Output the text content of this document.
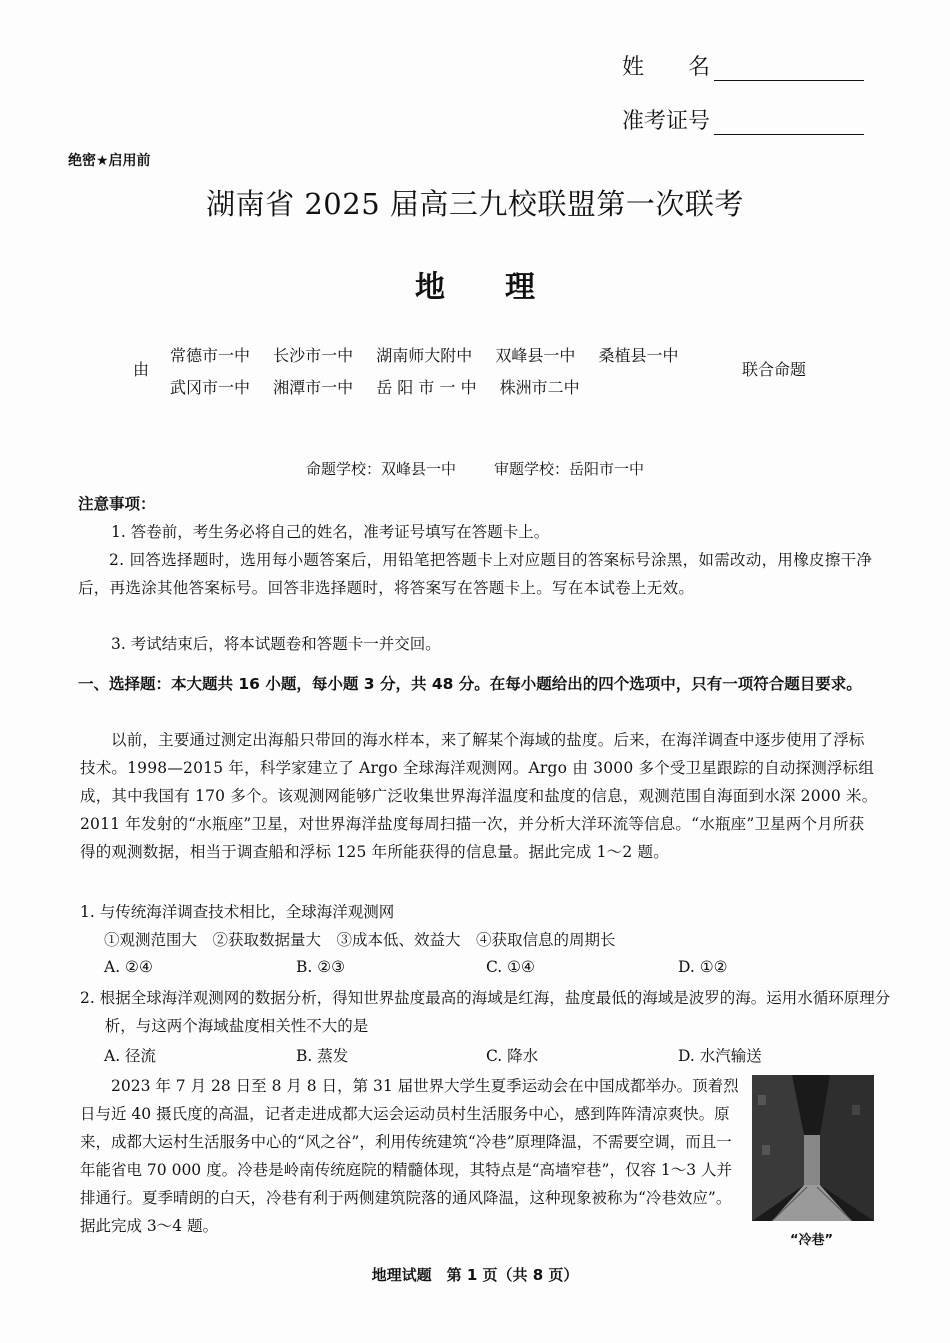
姓　　名
准考证号
绝密★启用前
湖南省 2025 届高三九校联盟第一次联考
地　　理
由
常德市一中 长沙市一中 湖南师大附中 双峰县一中 桑植县一中
武冈市一中 湘潭市一中 岳 阳 市 一 中 株洲市二中
联合命题
命题学校：双峰县一中	审题学校：岳阳市一中
注意事项：
1. 答卷前，考生务必将自己的姓名，准考证号填写在答题卡上。
2. 回答选择题时，选用每小题答案后，用铅笔把答题卡上对应题目的答案标号涂黑，如需改动，用橡皮擦干净后，再选涂其他答案标号。回答非选择题时，将答案写在答题卡上。写在本试卷上无效。
3. 考试结束后，将本试题卷和答题卡一并交回。
一、选择题：本大题共 16 小题，每小题 3 分，共 48 分。在每小题给出的四个选项中，只有一项符合题目要求。
以前，主要通过测定出海船只带回的海水样本，来了解某个海域的盐度。后来，在海洋调查中逐步使用了浮标技术。1998—2015 年，科学家建立了 Argo 全球海洋观测网。Argo 由 3000 多个受卫星跟踪的自动探测浮标组成，其中我国有 170 多个。该观测网能够广泛收集世界海洋温度和盐度的信息，观测范围自海面到水深 2000 米。2011 年发射的“水瓶座”卫星，对世界海洋盐度每周扫描一次，并分析大洋环流等信息。“水瓶座”卫星两个月所获得的观测数据，相当于调查船和浮标 125 年所能获得的信息量。据此完成 1～2 题。
1. 与传统海洋调查技术相比，全球海洋观测网
①观测范围大　②获取数据量大　③成本低、效益大　④获取信息的周期长
A. ②④	B. ②③	C. ①④	D. ①②
2. 根据全球海洋观测网的数据分析，得知世界盐度最高的海域是红海，盐度最低的海域是波罗的海。运用水循环原理分析，与这两个海域盐度相关性不大的是
A. 径流	B. 蒸发	C. 降水	D. 水汽输送
2023 年 7 月 28 日至 8 月 8 日，第 31 届世界大学生夏季运动会在中国成都举办。顶着烈日与近 40 摄氏度的高温，记者走进成都大运会运动员村生活服务中心，感到阵阵清凉爽快。原来，成都大运村生活服务中心的“风之谷”，利用传统建筑“冷巷”原理降温，不需要空调，而且一年能省电 70 000 度。冷巷是岭南传统庭院的精髓体现，其特点是“高墙窄巷”，仅容 1～3 人并排通行。夏季晴朗的白天，冷巷有利于两侧建筑院落的通风降温，这种现象被称为“冷巷效应”。据此完成 3～4 题。
“冷巷”
地理试题　第 1 页（共 8 页）
